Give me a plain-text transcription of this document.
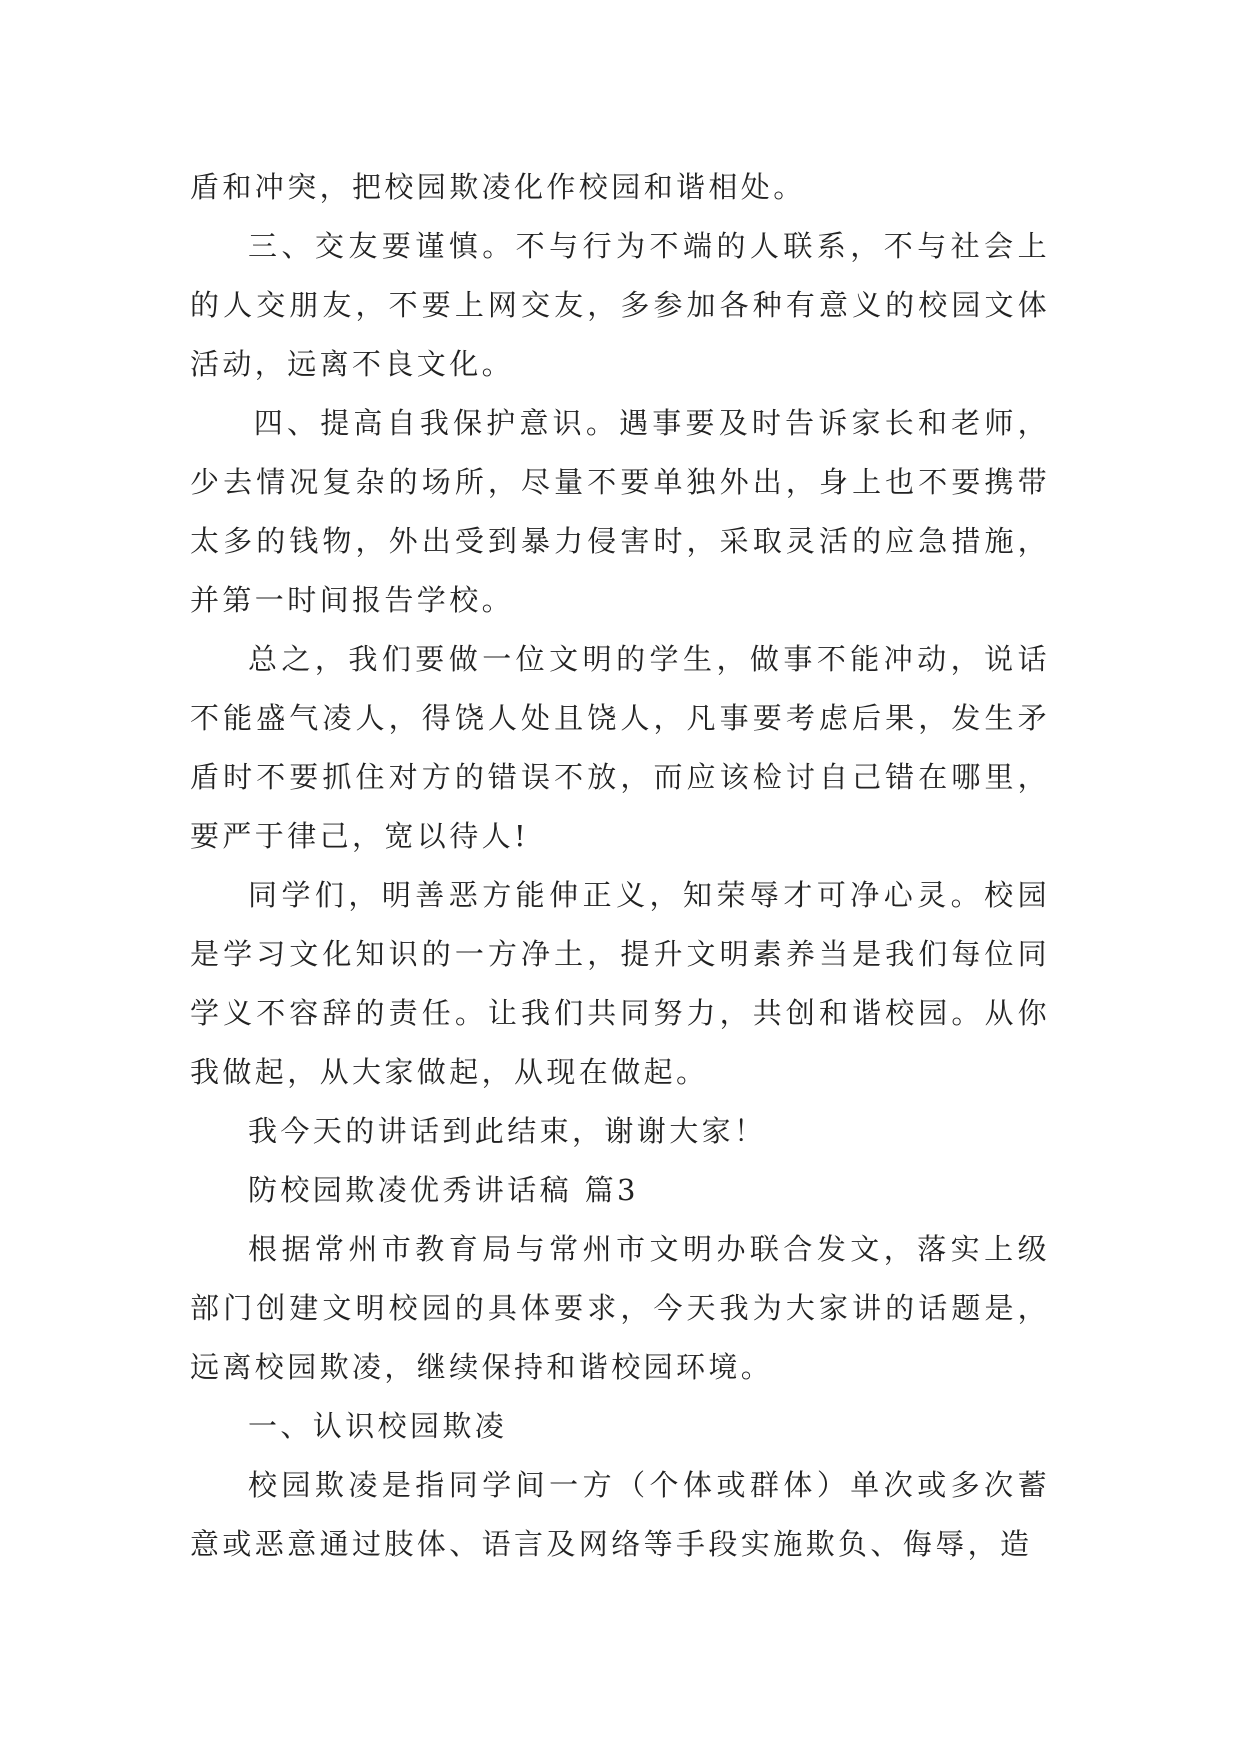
盾和冲突，把校园欺凌化作校园和谐相处。

三、交友要谨慎。不与行为不端的人联系，不与社会上的人交朋友，不要上网交友，多参加各种有意义的校园文体活动，远离不良文化。

四、提高自我保护意识。遇事要及时告诉家长和老师，少去情况复杂的场所，尽量不要单独外出，身上也不要携带太多的钱物，外出受到暴力侵害时，采取灵活的应急措施，并第一时间报告学校。

总之，我们要做一位文明的学生，做事不能冲动，说话不能盛气凌人，得饶人处且饶人，凡事要考虑后果，发生矛盾时不要抓住对方的错误不放，而应该检讨自己错在哪里，要严于律己，宽以待人!

同学们，明善恶方能伸正义，知荣辱才可净心灵。校园是学习文化知识的一方净土，提升文明素养当是我们每位同学义不容辞的责任。让我们共同努力，共创和谐校园。从你我做起，从大家做起，从现在做起。

我今天的讲话到此结束，谢谢大家！

防校园欺凌优秀讲话稿 篇3

根据常州市教育局与常州市文明办联合发文，落实上级部门创建文明校园的具体要求，今天我为大家讲的话题是，远离校园欺凌，继续保持和谐校园环境。

一、认识校园欺凌

校园欺凌是指同学间一方（个体或群体）单次或多次蓄意或恶意通过肢体、语言及网络等手段实施欺负、侮辱，造
